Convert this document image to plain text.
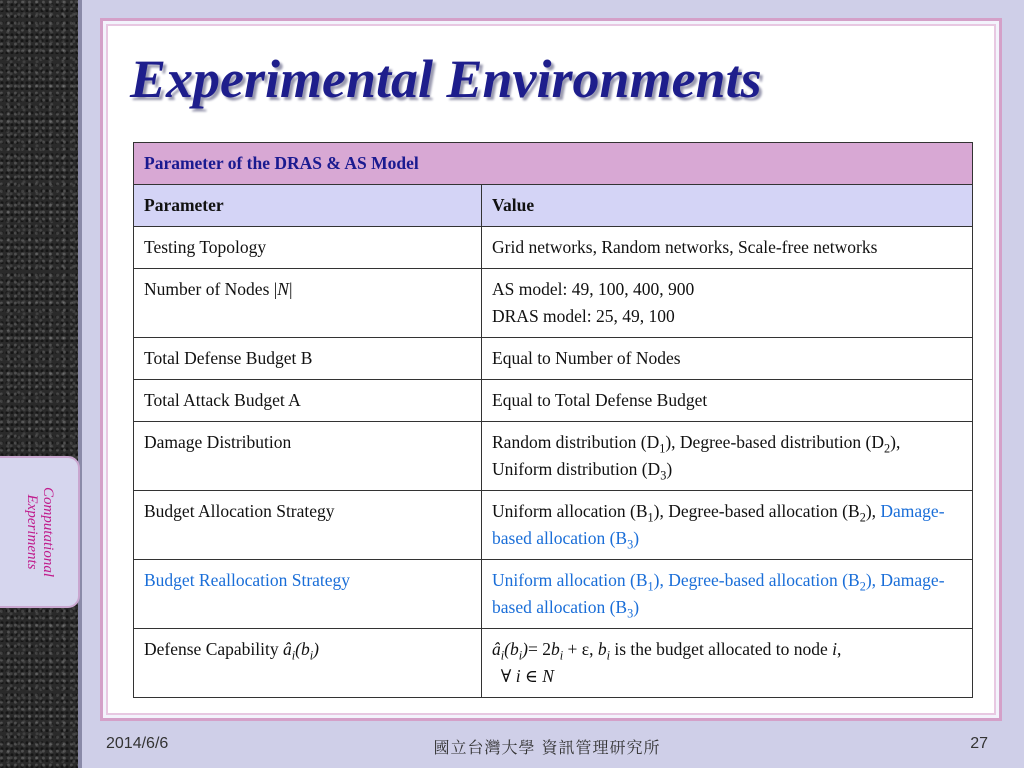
Computational
Experiments
Experimental Environments
Parameter of the DRAS & AS Model	
Parameter	Value
Testing Topology	Grid networks, Random networks, Scale-free networks
Number of Nodes |N|	AS model: 49, 100, 400, 900
DRAS model: 25, 49, 100
Total Defense Budget B	Equal to Number of Nodes
Total Attack Budget A	Equal to Total Defense Budget
Damage Distribution	Random distribution $(D_1)$, Degree-based distribution $(D_2)$, Uniform distribution $(D_3)$
Budget Allocation Strategy	Uniform allocation $(B_1)$, Degree-based allocation $(B_2)$, Damage-based allocation $(B_3)$
Budget Reallocation Strategy	Uniform allocation $(B_1)$, Degree-based allocation $(B_2)$, Damage-based allocation $(B_3)$
Defense Capability $â_i(b_i)$	$â_i(b_i)= 2b_i + \varepsilon$, $b_i$ is the budget allocated to node i,
∀ i ∈ N
2014/6/6	國立台灣大學 資訊管理研究所	27
